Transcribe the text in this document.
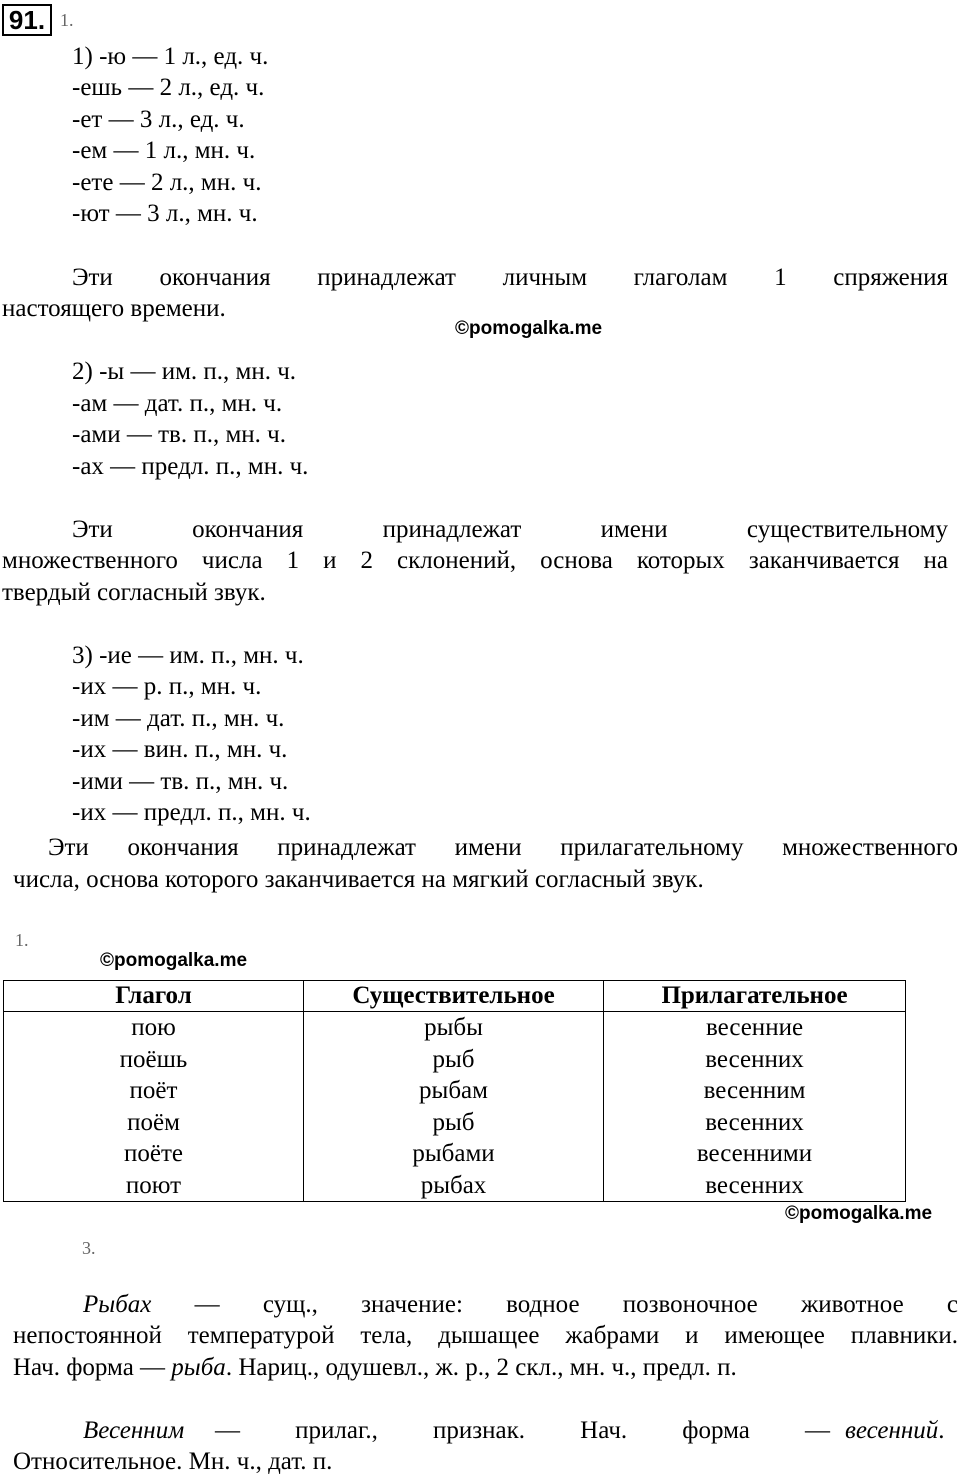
91. 1.
1) -ю — 1 л., ед. ч.
-ешь — 2 л., ед. ч.
-ет — 3 л., ед. ч.
-ем — 1 л., мн. ч.
-ете — 2 л., мн. ч.
-ют — 3 л., мн. ч.
Эти окончания принадлежат личным глаголам 1 спряжения
настоящего времени.
©pomogalka.me
2) -ы — им. п., мн. ч.
-ам — дат. п., мн. ч.
-ами — тв. п., мн. ч.
-ах — предл. п., мн. ч.
Эти окончания принадлежат имени существительному
множественного числа 1 и 2 склонений, основа которых заканчивается на
твердый согласный звук.
3) -ие — им. п., мн. ч.
-их — р. п., мн. ч.
-им — дат. п., мн. ч.
-их — вин. п., мн. ч.
-ими — тв. п., мн. ч.
-их — предл. п., мн. ч.
Эти окончания принадлежат имени прилагательному множественного
числа, основа которого заканчивается на мягкий согласный звук.
1.
©pomogalka.me
Глагол	Существительное	Прилагательное
пою	рыбы	весенние
поёшь	рыб	весенних
поёт	рыбам	весенним
поём	рыб	весенних
поёте	рыбами	весенними
поют	рыбах	весенних
©pomogalka.me
3.
Рыбах — сущ., значение: водное позвоночное животное с
непостоянной температурой тела, дышащее жабрами и имеющее плавники.
Нач. форма — рыба. Нариц., одушевл., ж. р., 2 скл., мн. ч., предл. п.
Весенним — прилаг., признак. Нач. форма — весенний.
Относительное. Мн. ч., дат. п.
